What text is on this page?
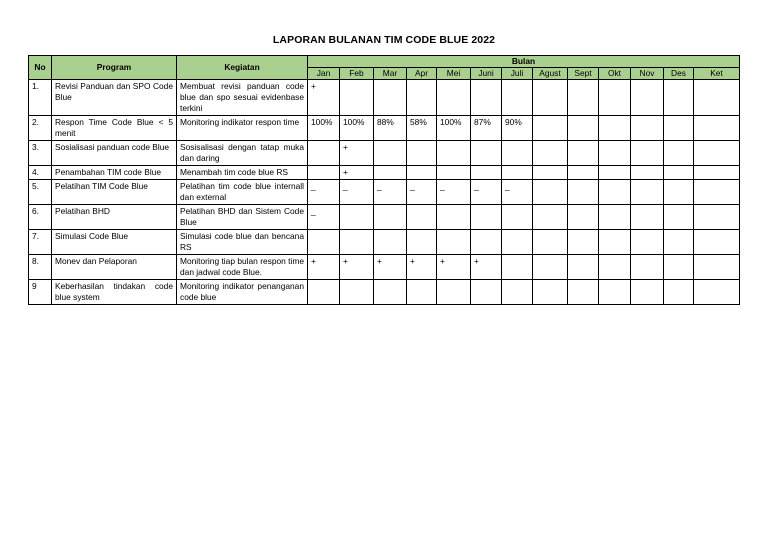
LAPORAN BULANAN TIM CODE BLUE 2022
No	Program	Kegiatan	Bulan												
			Jan	Feb	Mar	Apr	Mei	Juni	Juli	Agust	Sept	Okt	Nov	Des	Ket
1.	Revisi Panduan dan SPO Code Blue	Membuat revisi panduan code blue dan spo sesuai evidenbase terkini	+												
2.	Respon Time Code Blue < 5 menit	Monitoring indikator respon time	100%	100%	88%	58%	100%	87%	90%						
3.	Sosialisasi panduan code Blue	Sosisalisasi dengan tatap muka dan daring		+											
4.	Penambahan TIM code Blue	Menambah tim code blue RS		+											
5.	Pelatihan TIM Code Blue	Pelatihan tim code blue internall dan external	_	_	_	_	_	_	_						
6.	Pelatihan BHD	Pelatihan BHD dan Sistem Code Blue	_												
7.	Simulasi Code Blue	Simulasi code blue dan bencana RS													
8.	Monev dan Pelaporan	Monitoring tiap bulan respon time dan jadwal code Blue.	+	+	+	+	+	+							
9	Keberhasilan tindakan code blue system	Monitoring indikator penanganan code blue													
